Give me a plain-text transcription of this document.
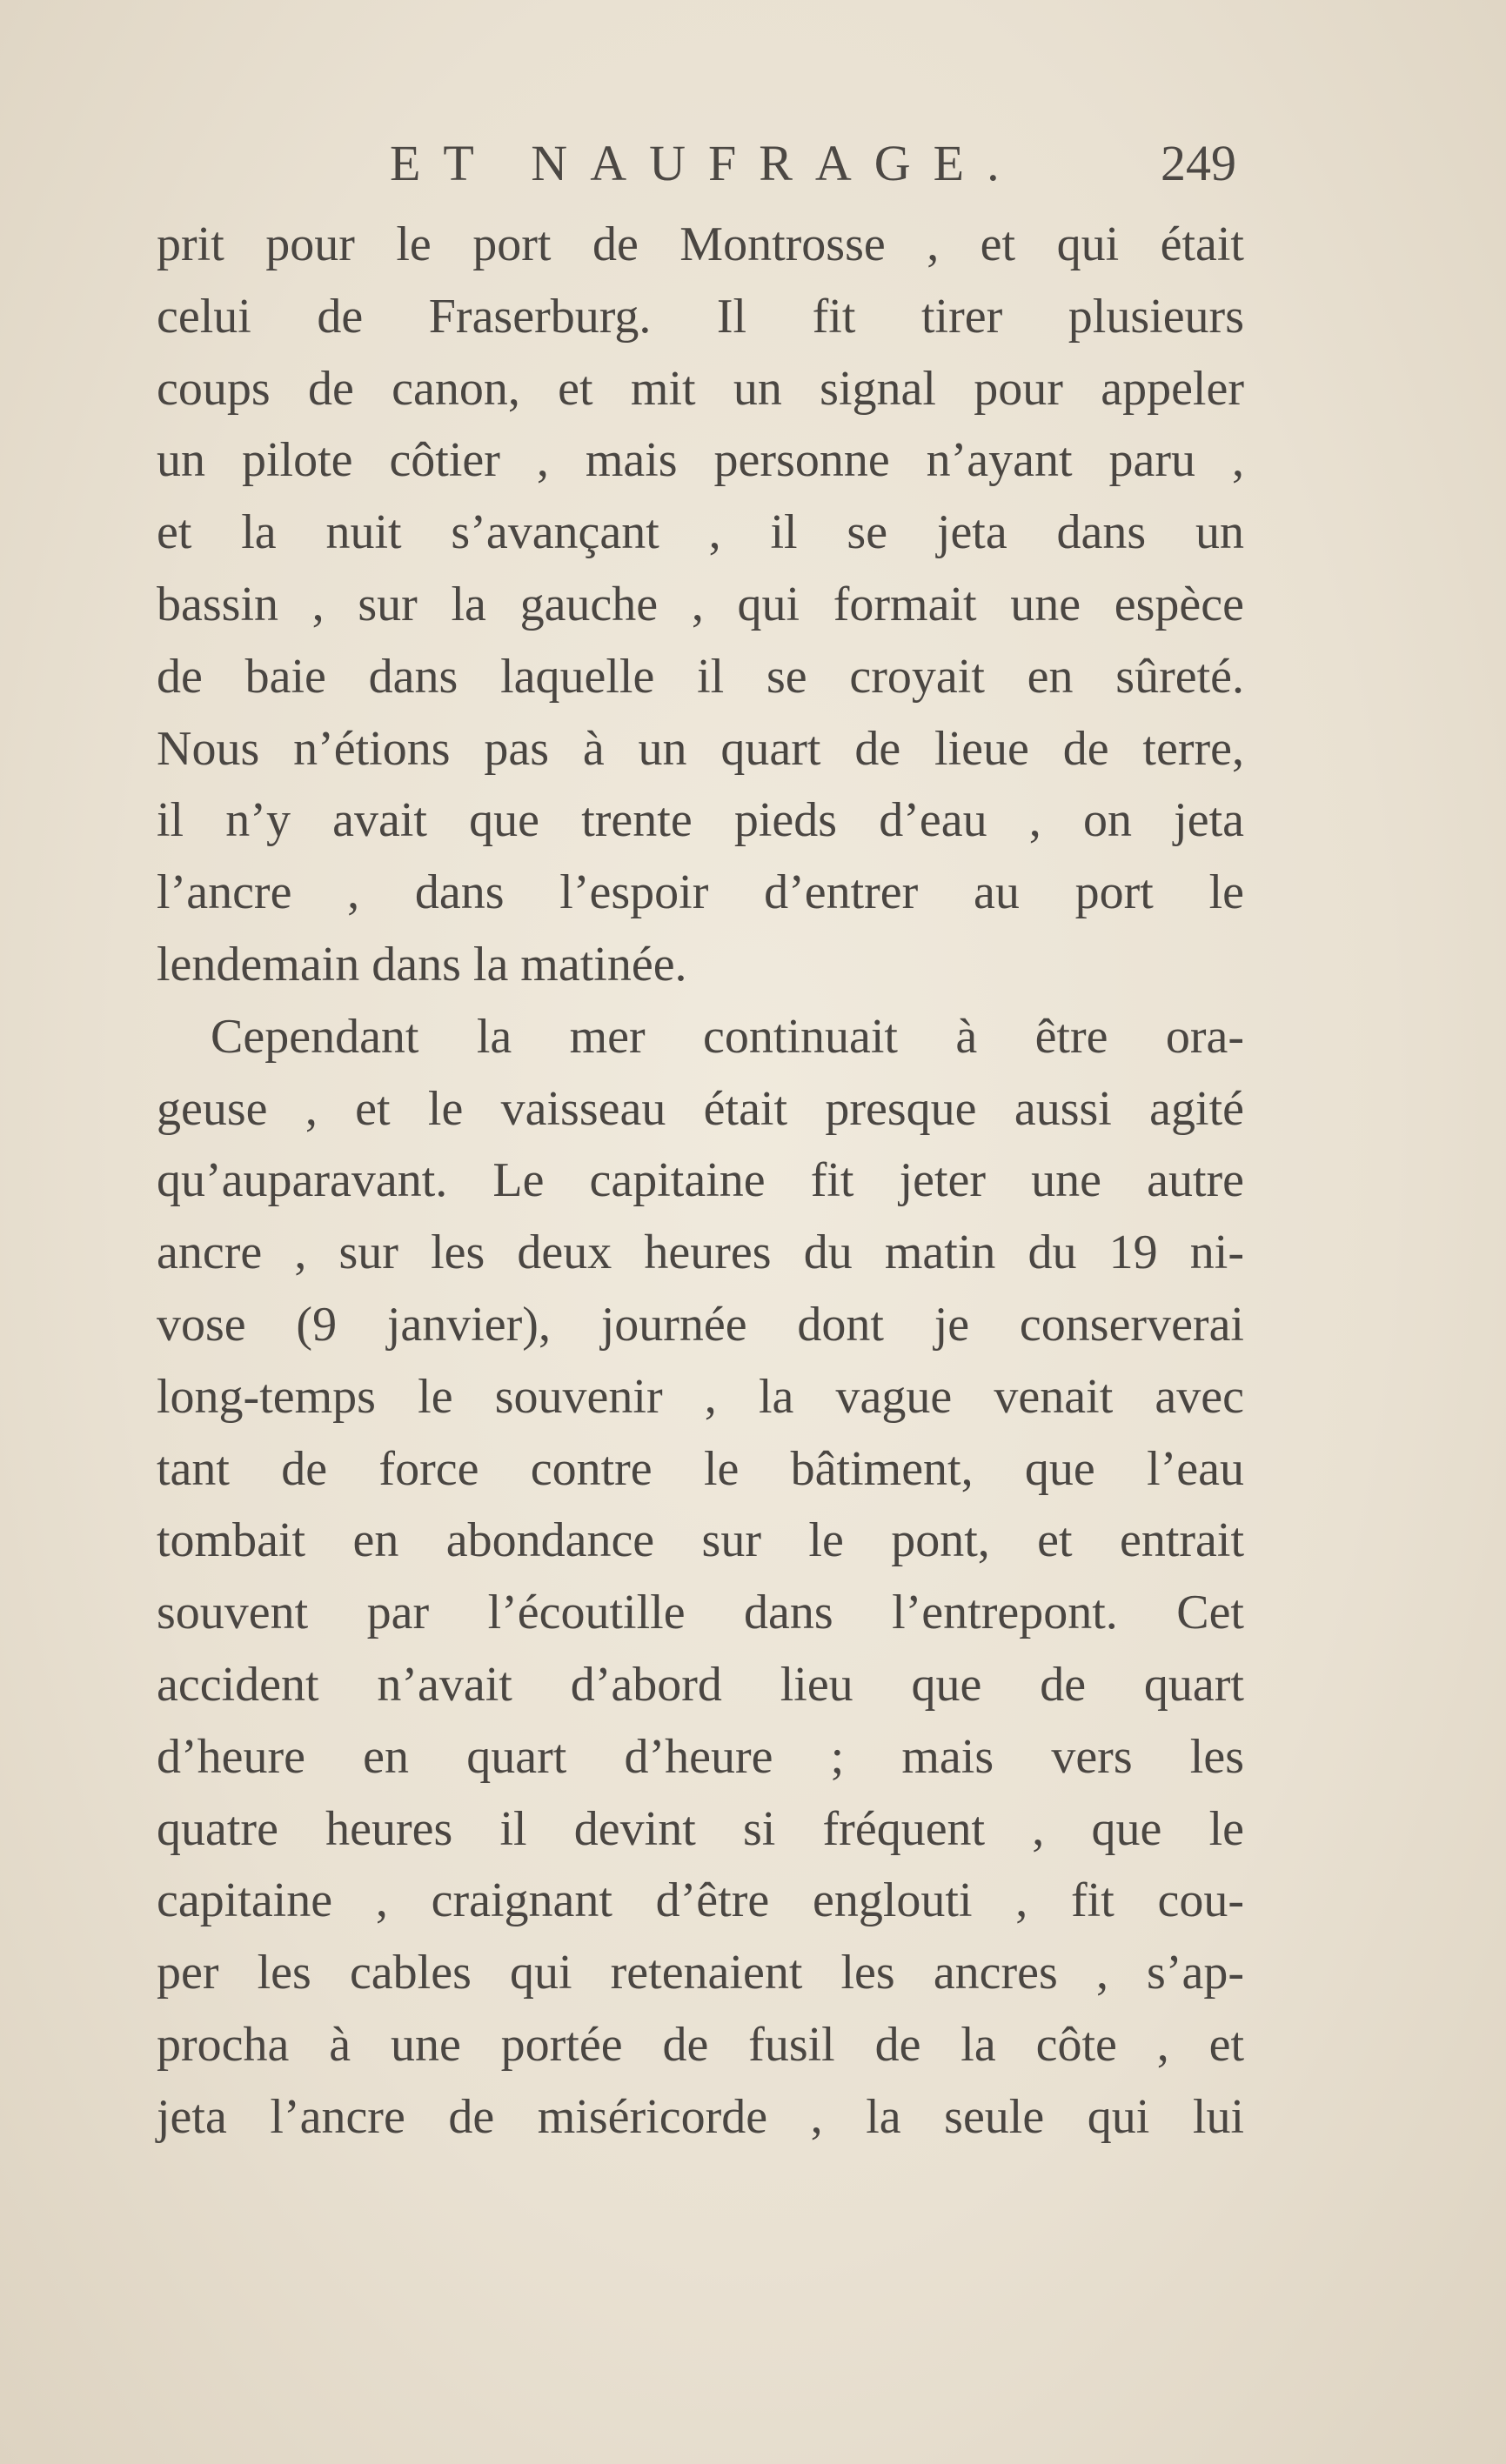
ET NAUFRAGE.	249
prit pour le port de Montrosse , et qui était
celui de Fraserburg. Il fit tirer plusieurs
coups de canon, et mit un signal pour appeler
un pilote côtier , mais personne n’ayant paru ,
et la nuit s’avançant , il se jeta dans un
bassin , sur la gauche , qui formait une espèce
de baie dans laquelle il se croyait en sûreté.
Nous n’étions pas à un quart de lieue de terre,
il n’y avait que trente pieds d’eau , on jeta
l’ancre , dans l’espoir d’entrer au port le
lendemain dans la matinée.
Cependant la mer continuait à être ora-
geuse , et le vaisseau était presque aussi agité
qu’auparavant. Le capitaine fit jeter une autre
ancre , sur les deux heures du matin du 19 ni-
vose (9 janvier), journée dont je conserverai
long-temps le souvenir , la vague venait avec
tant de force contre le bâtiment, que l’eau
tombait en abondance sur le pont, et entrait
souvent par l’écoutille dans l’entrepont. Cet
accident n’avait d’abord lieu que de quart
d’heure en quart d’heure ; mais vers les
quatre heures il devint si fréquent , que le
capitaine , craignant d’être englouti , fit cou-
per les cables qui retenaient les ancres , s’ap-
procha à une portée de fusil de la côte , et
jeta l’ancre de miséricorde , la seule qui lui
